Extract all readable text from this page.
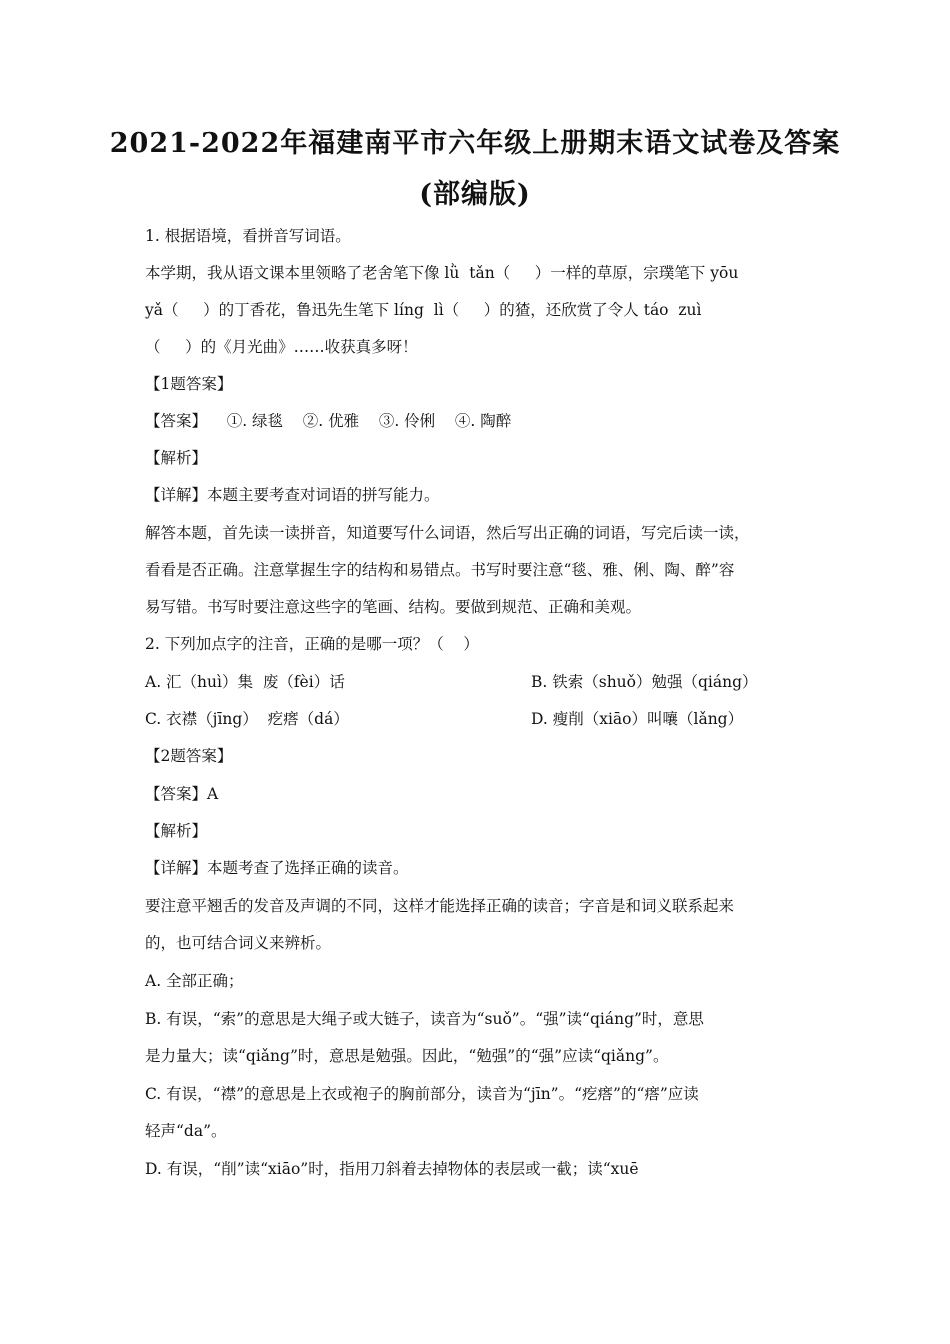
2021-2022年福建南平市六年级上册期末语文试卷及答案
(部编版)
1. 根据语境，看拼音写词语。
本学期，我从语文课本里领略了老舍笔下像 lǜ  tǎn（     ）一样的草原，宗璞笔下 yōu
yǎ（     ）的丁香花，鲁迅先生笔下 líng  lì（     ）的猹，还欣赏了令人 táo  zuì
（     ）的《月光曲》……收获真多呀！
【1题答案】
【答案】    ①. 绿毯    ②. 优雅    ③. 伶俐    ④. 陶醉
【解析】
【详解】本题主要考查对词语的拼写能力。
解答本题，首先读一读拼音，知道要写什么词语，然后写出正确的词语，写完后读一读，
看看是否正确。注意掌握生字的结构和易错点。书写时要注意“毯、雅、俐、陶、醉”容
易写错。书写时要注意这些字的笔画、结构。要做到规范、正确和美观。
2. 下列加点字的注音，正确的是哪一项？（    ）
A. 汇（huì）集  废（fèi）话	B. 铁索（shuǒ）勉强（qiáng）
C. 衣襟（jīng）  疙瘩（dá）	D. 瘦削（xiāo）叫嚷（lǎng）
【2题答案】
【答案】A
【解析】
【详解】本题考查了选择正确的读音。
要注意平翘舌的发音及声调的不同，这样才能选择正确的读音；字音是和词义联系起来
的，也可结合词义来辨析。
A. 全部正确；
B. 有误，“索”的意思是大绳子或大链子，读音为“suǒ”。“强”读“qiáng”时，意思
是力量大；读“qiǎng”时，意思是勉强。因此，“勉强”的“强”应读“qiǎng”。
C. 有误，“襟”的意思是上衣或袍子的胸前部分，读音为“jīn”。“疙瘩”的“瘩”应读
轻声“da”。
D. 有误，“削”读“xiāo”时，指用刀斜着去掉物体的表层或一截；读“xuē
